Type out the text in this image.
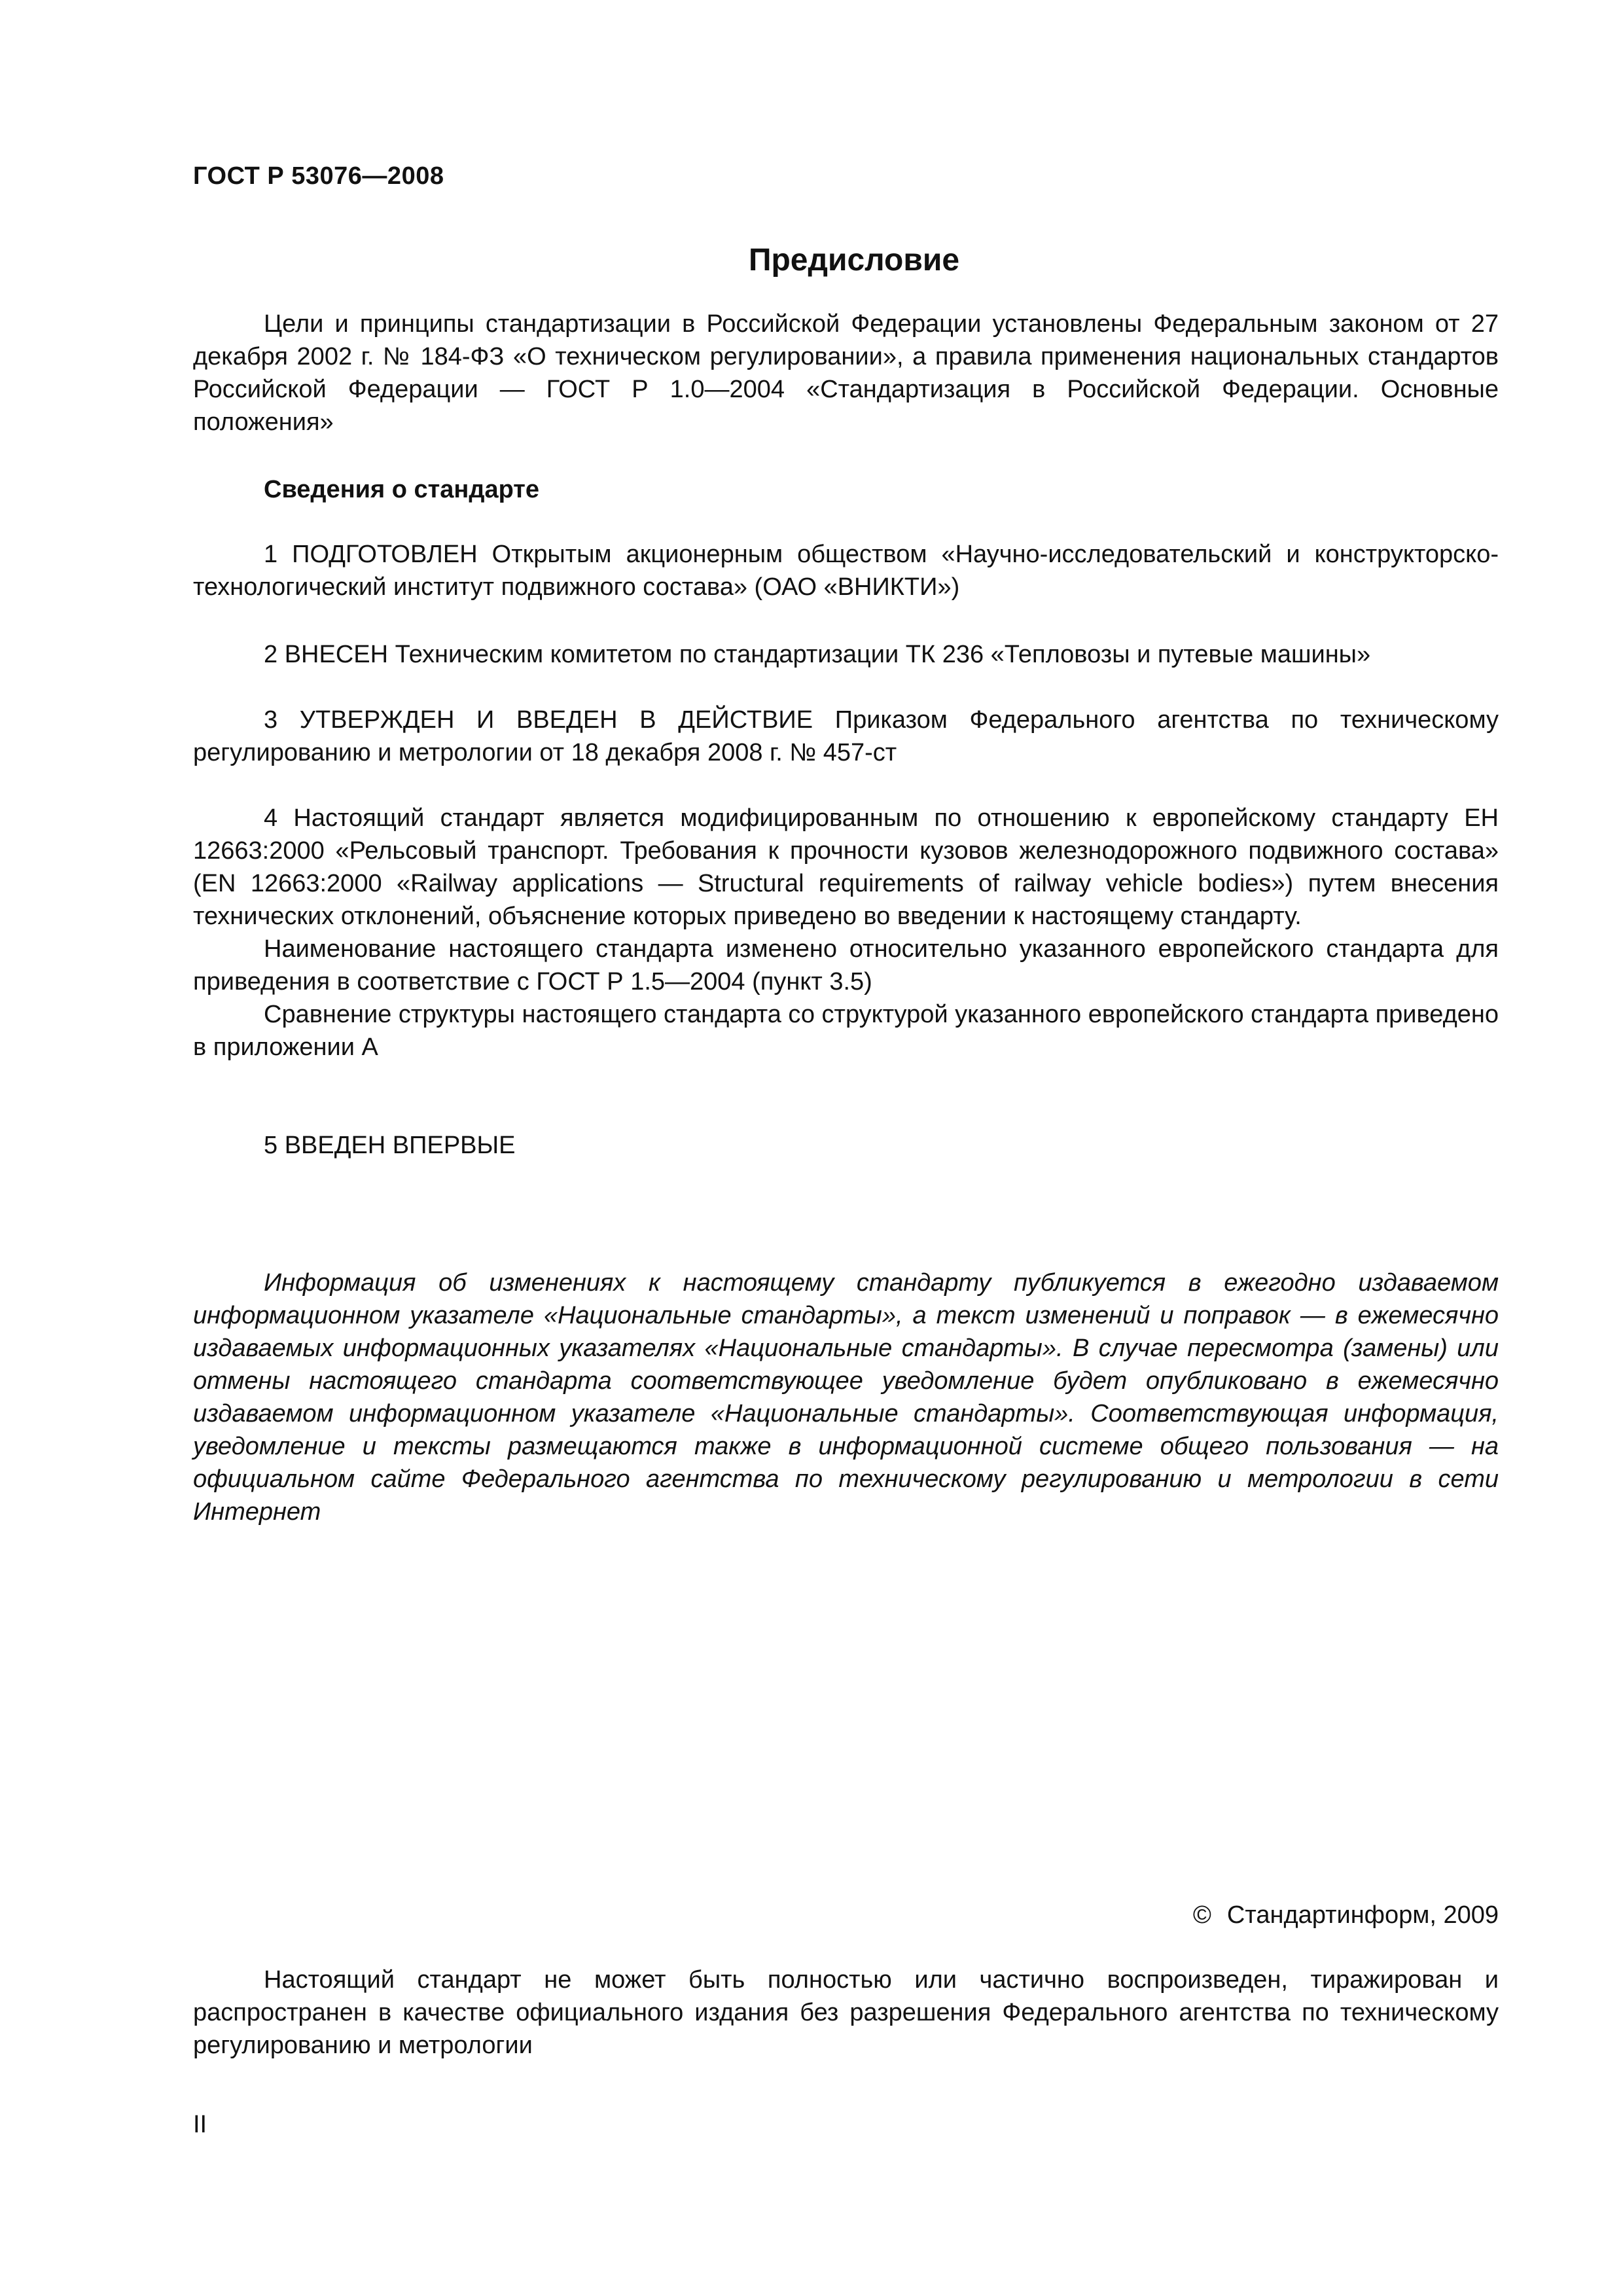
ГОСТ Р 53076—2008
Предисловие

Цели и принципы стандартизации в Российской Федерации установлены Федеральным законом от 27 декабря 2002 г. № 184-ФЗ «О техническом регулировании», а правила применения национальных стандартов Российской Федерации — ГОСТ Р 1.0—2004 «Стандартизация в Российской Федерации. Основные положения»

Сведения о стандарте

1 ПОДГОТОВЛЕН Открытым акционерным обществом «Научно-исследовательский и конструкторско-технологический институт подвижного состава» (ОАО «ВНИКТИ»)

2 ВНЕСЕН Техническим комитетом по стандартизации ТК 236 «Тепловозы и путевые машины»

3 УТВЕРЖДЕН И ВВЕДЕН В ДЕЙСТВИЕ Приказом Федерального агентства по техническому регулированию и метрологии от 18 декабря 2008 г. № 457-ст

4 Настоящий стандарт является модифицированным по отношению к европейскому стандарту ЕН 12663:2000 «Рельсовый транспорт. Требования к прочности кузовов железнодорожного подвижного состава» (EN 12663:2000 «Railway applications — Structural requirements of railway vehicle bodies») путем внесения технических отклонений, объяснение которых приведено во введении к настоящему стандарту.

Наименование настоящего стандарта изменено относительно указанного европейского стандарта для приведения в соответствие с ГОСТ Р 1.5—2004 (пункт 3.5)

Сравнение структуры настоящего стандарта со структурой указанного европейского стандарта приведено в приложении А

5 ВВЕДЕН ВПЕРВЫЕ

Информация об изменениях к настоящему стандарту публикуется в ежегодно издаваемом информационном указателе «Национальные стандарты», а текст изменений и поправок — в ежемесячно издаваемых информационных указателях «Национальные стандарты». В случае пересмотра (замены) или отмены настоящего стандарта соответствующее уведомление будет опубликовано в ежемесячно издаваемом информационном указателе «Национальные стандарты». Соответствующая информация, уведомление и тексты размещаются также в информационной системе общего пользования — на официальном сайте Федерального агентства по техническому регулированию и метрологии в сети Интернет

© Стандартинформ, 2009

Настоящий стандарт не может быть полностью или частично воспроизведен, тиражирован и распространен в качестве официального издания без разрешения Федерального агентства по техническому регулированию и метрологии

II
